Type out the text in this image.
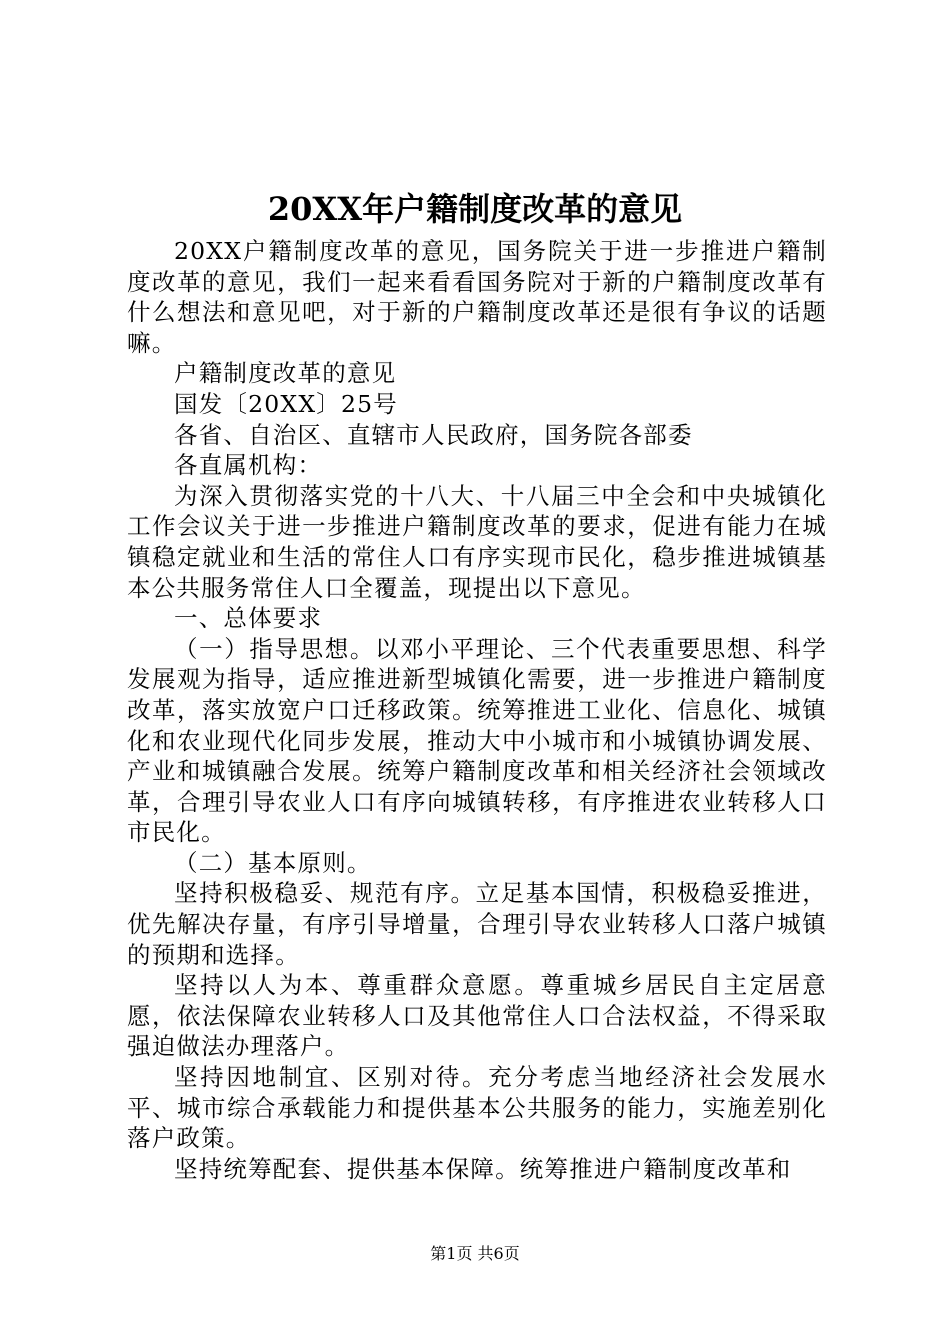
20XX年户籍制度改革的意见

20XX户籍制度改革的意见，国务院关于进一步推进户籍制度改革的意见，我们一起来看看国务院对于新的户籍制度改革有什么想法和意见吧，对于新的户籍制度改革还是很有争议的话题嘛。

户籍制度改革的意见

国发〔20XX〕25号

各省、自治区、直辖市人民政府，国务院各部委

各直属机构：

为深入贯彻落实党的十八大、十八届三中全会和中央城镇化工作会议关于进一步推进户籍制度改革的要求，促进有能力在城镇稳定就业和生活的常住人口有序实现市民化，稳步推进城镇基本公共服务常住人口全覆盖，现提出以下意见。

一、总体要求

（一）指导思想。以邓小平理论、三个代表重要思想、科学发展观为指导，适应推进新型城镇化需要，进一步推进户籍制度改革，落实放宽户口迁移政策。统筹推进工业化、信息化、城镇化和农业现代化同步发展，推动大中小城市和小城镇协调发展、产业和城镇融合发展。统筹户籍制度改革和相关经济社会领域改革，合理引导农业人口有序向城镇转移，有序推进农业转移人口市民化。

（二）基本原则。

坚持积极稳妥、规范有序。立足基本国情，积极稳妥推进，优先解决存量，有序引导增量，合理引导农业转移人口落户城镇的预期和选择。

坚持以人为本、尊重群众意愿。尊重城乡居民自主定居意愿，依法保障农业转移人口及其他常住人口合法权益，不得采取强迫做法办理落户。

坚持因地制宜、区别对待。充分考虑当地经济社会发展水平、城市综合承载能力和提供基本公共服务的能力，实施差别化落户政策。

坚持统筹配套、提供基本保障。统筹推进户籍制度改革和

第1页 共6页
